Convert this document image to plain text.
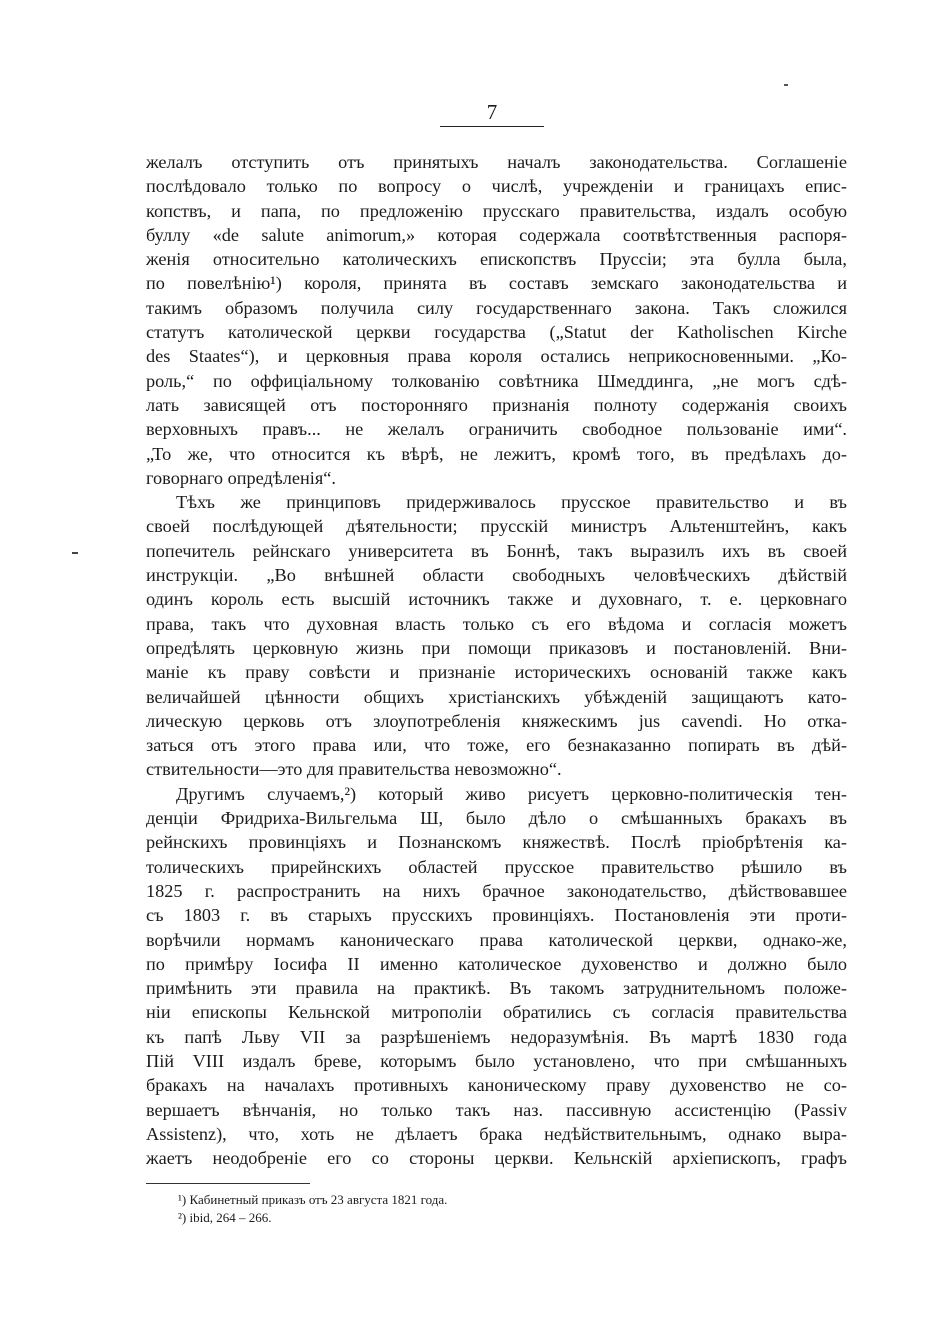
7
желалъ отступить отъ принятыхъ началъ законодательства. Соглашеніе
послѣдовало только по вопросу о числѣ, учрежденіи и границахъ епис-
копствъ, и папа, по предложенію прусскаго правительства, издалъ особую
буллу «de salute animorum,» которая содержала соотвѣтственныя распоря-
женія относительно католическихъ епископствъ Пруссіи; эта булла была,
по повелѣнію¹) короля, принята въ составъ земскаго законодательства и
такимъ образомъ получила силу государственнаго закона. Такъ сложился
статутъ католической церкви государства („Statut der Katholischen Kirche
des Staates“), и церковныя права короля остались неприкосновенными. „Ко-
роль,“ по оффиціальному толкованію совѣтника Шмеддинга, „не могъ сдѣ-
лать зависящей отъ посторонняго признанія полноту содержанія своихъ
верховныхъ правъ... не желалъ ограничить свободное пользованіе ими“.
„То же, что относится къ вѣрѣ, не лежитъ, кромѣ того, въ предѣлахъ до-
говорнаго опредѣленія“.
Тѣхъ же принциповъ придерживалось прусское правительство и въ
своей послѣдующей дѣятельности; прусскій министръ Альтенштейнъ, какъ
попечитель рейнскаго университета въ Боннѣ, такъ выразилъ ихъ въ своей
инструкціи. „Во внѣшней области свободныхъ человѣческихъ дѣйствій
одинъ король есть высшій источникъ также и духовнаго, т. е. церковнаго
права, такъ что духовная власть только съ его вѣдома и согласія можетъ
опредѣлять церковную жизнь при помощи приказовъ и постановленій. Вни-
маніе къ праву совѣсти и признаніе историческихъ основаній также какъ
величайшей цѣнности общихъ христіанскихъ убѣжденій защищаютъ като-
лическую церковь отъ злоупотребленія княжескимъ jus cavendi. Но отка-
заться отъ этого права или, что тоже, его безнаказанно попирать въ дѣй-
ствительности—это для правительства невозможно“.
Другимъ случаемъ,²) который живо рисуетъ церковно-политическія тен-
денціи Фридриха-Вильгельма Ш, было дѣло о смѣшанныхъ бракахъ въ
рейнскихъ провинціяхъ и Познанскомъ княжествѣ. Послѣ пріобрѣтенія ка-
толическихъ прирейнскихъ областей прусское правительство рѣшило въ
1825 г. распространить на нихъ брачное законодательство, дѣйствовавшее
съ 1803 г. въ старыхъ прусскихъ провинціяхъ. Постановленія эти проти-
ворѣчили нормамъ каноническаго права католической церкви, однако-же,
по примѣру Іосифа II именно католическое духовенство и должно было
примѣнить эти правила на практикѣ. Въ такомъ затруднительномъ положе-
ніи епископы Кельнской митрополіи обратились съ согласія правительства
къ папѣ Льву VII за разрѣшеніемъ недоразумѣнія. Въ мартѣ 1830 года
Пій VIII издалъ бреве, которымъ было установлено, что при смѣшанныхъ
бракахъ на началахъ противныхъ каноническому праву духовенство не со-
вершаетъ вѣнчанія, но только такъ наз. пассивную ассистенцію (Passiv
Assistenz), что, хоть не дѣлаетъ брака недѣйствительнымъ, однако выра-
жаетъ неодобреніе его со стороны церкви. Кельнскій архіепископъ, графъ
¹) Кабинетный приказъ отъ 23 августа 1821 года.
²) ibid, 264 – 266.
